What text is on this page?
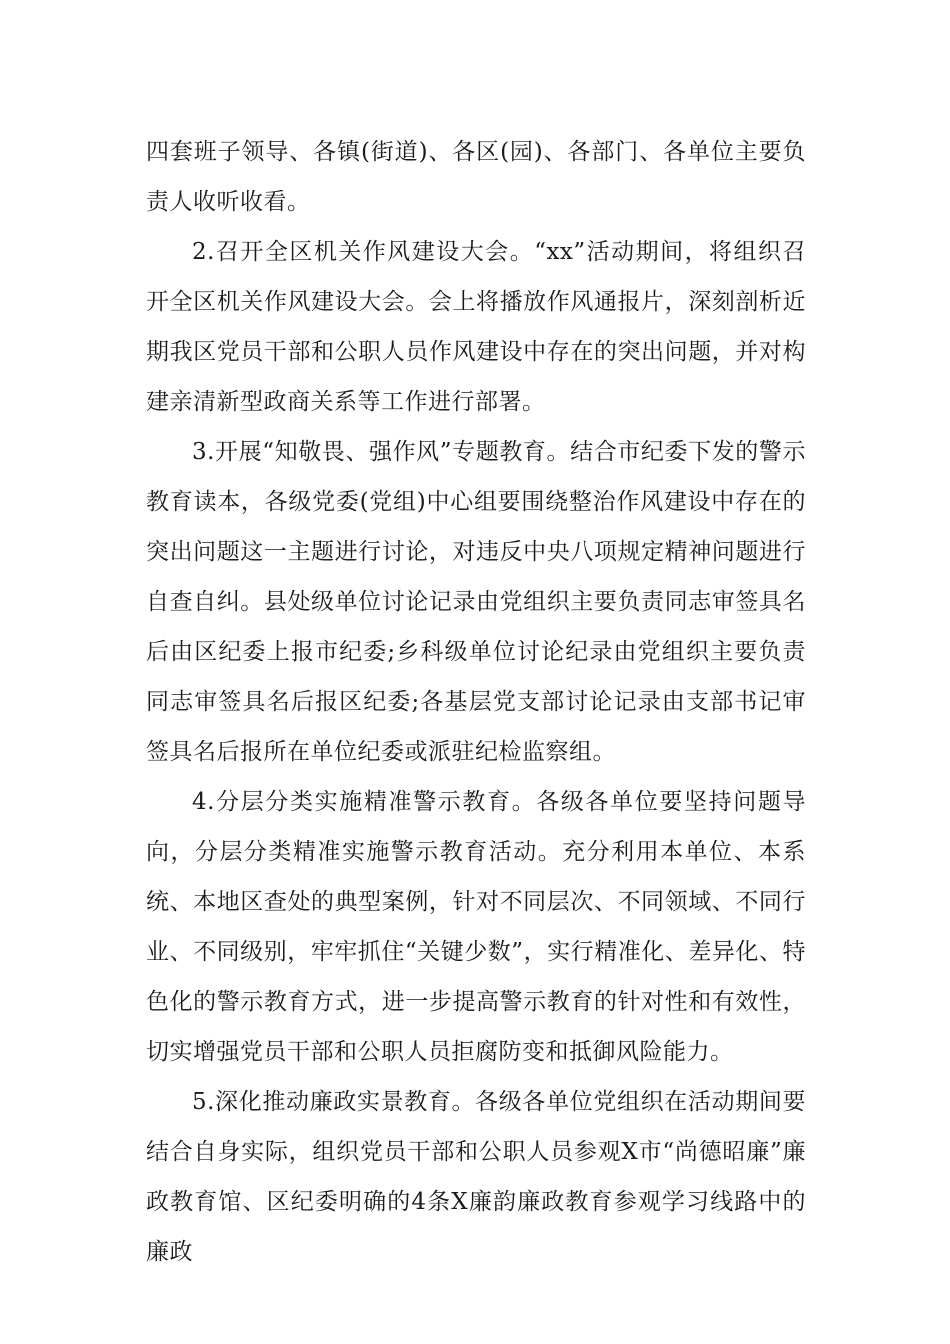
四套班子领导、各镇(街道)、各区(园)、各部门、各单位主要负责人收听收看。

2.召开全区机关作风建设大会。“xx”活动期间，将组织召开全区机关作风建设大会。会上将播放作风通报片，深刻剖析近期我区党员干部和公职人员作风建设中存在的突出问题，并对构建亲清新型政商关系等工作进行部署。

3.开展“知敬畏、强作风”专题教育。结合市纪委下发的警示教育读本，各级党委(党组)中心组要围绕整治作风建设中存在的突出问题这一主题进行讨论，对违反中央八项规定精神问题进行自查自纠。县处级单位讨论记录由党组织主要负责同志审签具名后由区纪委上报市纪委;乡科级单位讨论纪录由党组织主要负责同志审签具名后报区纪委;各基层党支部讨论记录由支部书记审签具名后报所在单位纪委或派驻纪检监察组。

4.分层分类实施精准警示教育。各级各单位要坚持问题导向，分层分类精准实施警示教育活动。充分利用本单位、本系统、本地区查处的典型案例，针对不同层次、不同领域、不同行业、不同级别，牢牢抓住“关键少数”，实行精准化、差异化、特色化的警示教育方式，进一步提高警示教育的针对性和有效性，切实增强党员干部和公职人员拒腐防变和抵御风险能力。

5.深化推动廉政实景教育。各级各单位党组织在活动期间要结合自身实际，组织党员干部和公职人员参观X市“尚德昭廉”廉政教育馆、区纪委明确的4条X廉韵廉政教育参观学习线路中的廉政
